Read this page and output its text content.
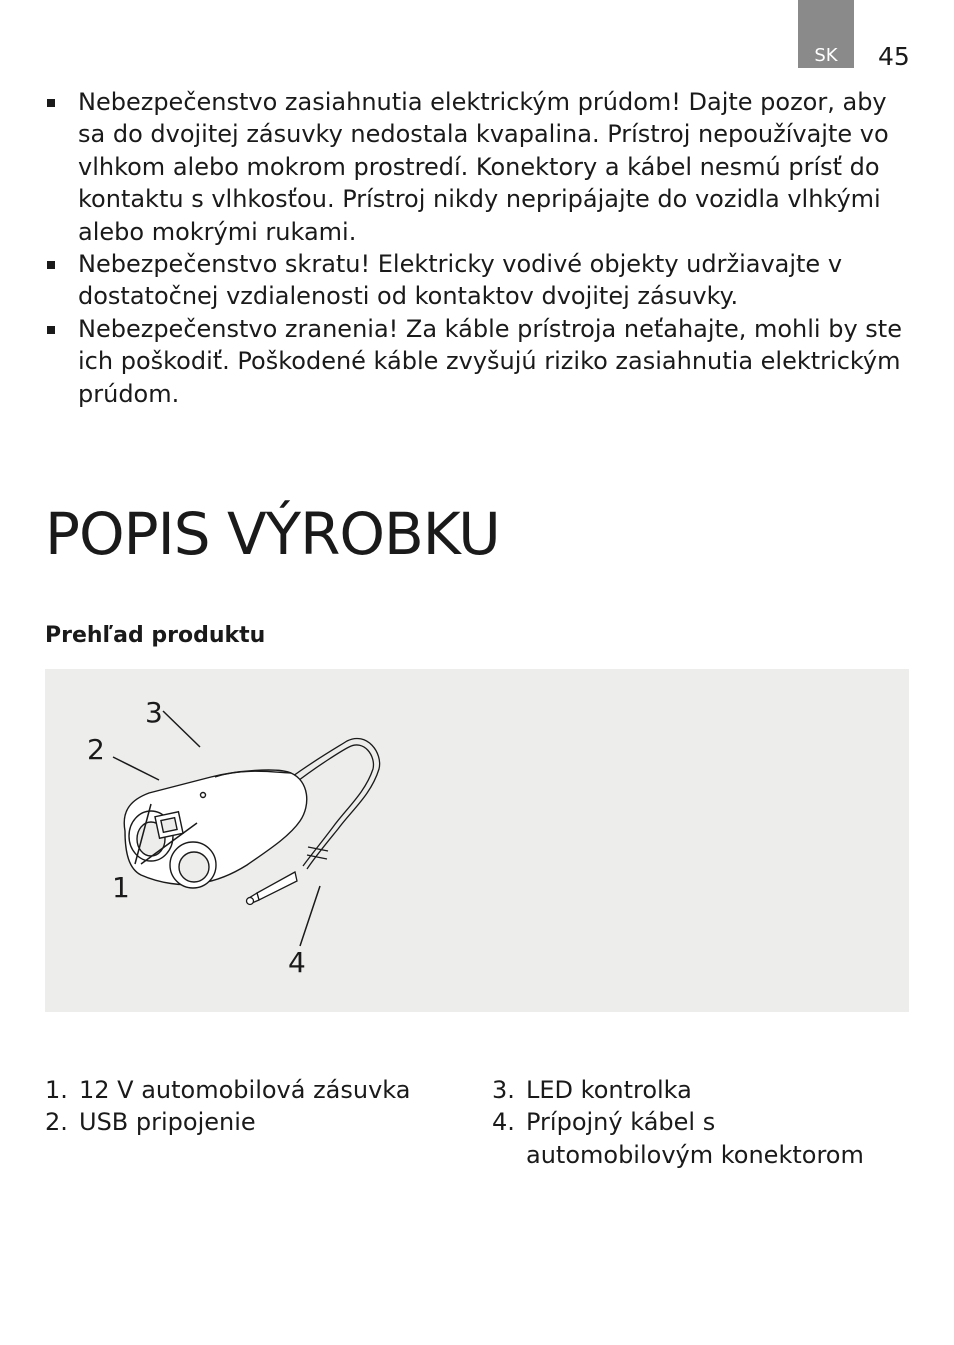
SK 45
Nebezpečenstvo zasiahnutia elektrickým prúdom! Dajte pozor, aby sa do dvojitej zásuvky nedostala kvapalina. Prístroj nepoužívajte vo vlhkom alebo mokrom prostredí. Konektory a kábel nesmú prísť do kontaktu s vlhkosťou. Prístroj nikdy nepripájajte do vozidla vlhkými alebo mokrými rukami.
Nebezpečenstvo skratu! Elektricky vodivé objekty udržiavajte v dostatočnej vzdialenosti od kontaktov dvojitej zásuvky.
Nebezpečenstvo zranenia! Za káble prístroja neťahajte, mohli by ste ich poškodiť. Poškodené káble zvyšujú riziko zasiahnutia elektrickým prúdom.
POPIS VÝROBKU
Prehľad produktu
3
2
1
4
1. 12 V automobilová zásuvka
2. USB pripojenie
3. LED kontrolka
4. Prípojný kábel s automobilovým konektorom
